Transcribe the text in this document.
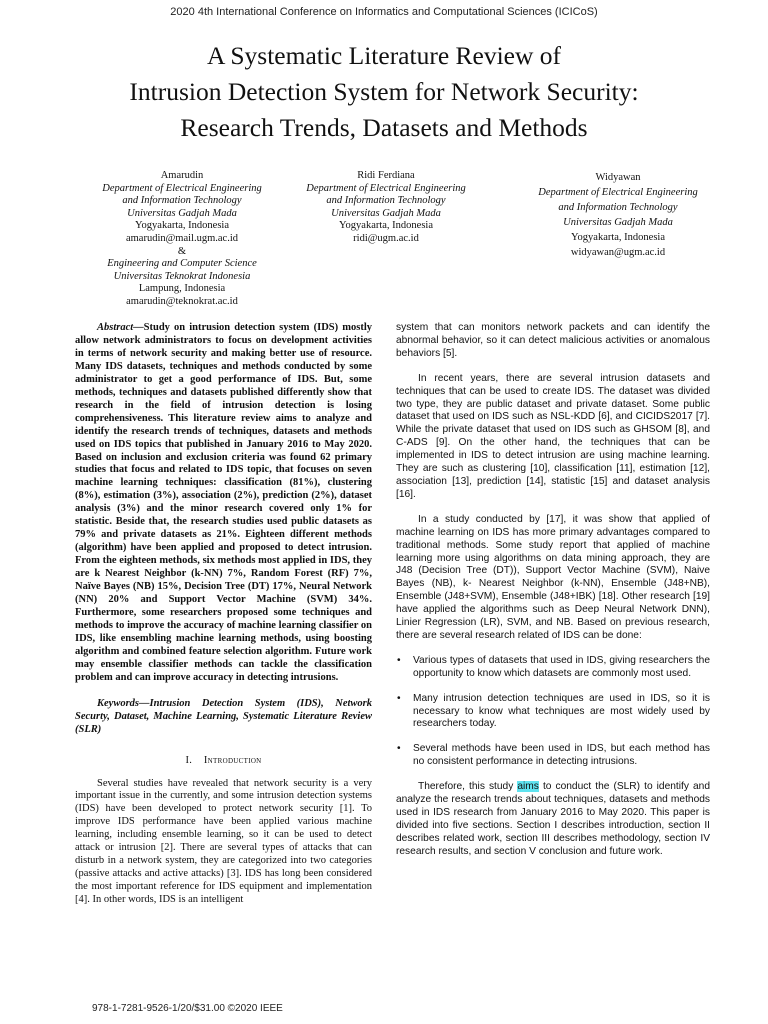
2020 4th International Conference on Informatics and Computational Sciences (ICICoS)
A Systematic Literature Review of
Intrusion Detection System for Network Security:
Research Trends, Datasets and Methods
Amarudin
Department of Electrical Engineering
and Information Technology
Universitas Gadjah Mada
Yogyakarta, Indonesia
amarudin@mail.ugm.ac.id
&
Engineering and Computer Science
Universitas Teknokrat Indonesia
Lampung, Indonesia
amarudin@teknokrat.ac.id
Ridi Ferdiana
Department of Electrical Engineering
and Information Technology
Universitas Gadjah Mada
Yogyakarta, Indonesia
ridi@ugm.ac.id
Widyawan
Department of Electrical Engineering
and Information Technology
Universitas Gadjah Mada
Yogyakarta, Indonesia
widyawan@ugm.ac.id

Abstract—Study on intrusion detection system (IDS) mostly allow network administrators to focus on development activities in terms of network security and making better use of resource. Many IDS datasets, techniques and methods conducted by some administrator to get a good performance of IDS. But, some methods, techniques and datasets published differently show that research in the field of intrusion detection is losing comprehensiveness. This literature review aims to analyze and identify the research trends of techniques, datasets and methods used on IDS topics that published in January 2016 to May 2020. Based on inclusion and exclusion criteria was found 62 primary studies that focus and related to IDS topic, that focuses on seven machine learning techniques: classification (81%), clustering (8%), estimation (3%), association (2%), prediction (2%), dataset analysis (3%) and the minor research covered only 1% for statistic. Beside that, the research studies used public datasets as 79% and private datasets as 21%. Eighteen different methods (algorithm) have been applied and proposed to detect intrusion. From the eighteen methods, six methods most applied in IDS, they are k Nearest Neighbor (k-NN) 7%, Random Forest (RF) 7%, Naïve Bayes (NB) 15%, Decision Tree (DT) 17%, Neural Network (NN) 20% and Support Vector Machine (SVM) 34%. Furthermore, some researchers proposed some techniques and methods to improve the accuracy of machine learning classifier on IDS, like ensembling machine learning methods, using boosting algorithm and combined feature selection algorithm. Future work may ensemble classifier methods can tackle the classification problem and can improve accuracy in detecting intrusions.

Keywords—Intrusion Detection System (IDS), Network Securty, Dataset, Machine Learning, Systematic Literature Review (SLR)

I. Introduction

Several studies have revealed that network security is a very important issue in the currently, and some intrusion detection systems (IDS) have been developed to protect network security [1]. To improve IDS performance have been applied various machine learning, including ensemble learning, so it can be used to detect attack or intrusion [2]. There are several types of attacks that can disturb in a network system, they are categorized into two categories (passive attacks and active attacks) [3]. IDS has long been considered the most important reference for IDS equipment and implementation [4]. In other words, IDS is an intelligent

system that can monitors network packets and can identify the abnormal behavior, so it can detect malicious activities or anomalous behaviors [5].

In recent years, there are several intrusion datasets and techniques that can be used to create IDS. The dataset was divided two type, they are public dataset and private dataset. Some public dataset that used on IDS such as NSL-KDD [6], and CICIDS2017 [7]. While the private dataset that used on IDS such as GHSOM [8], and C-ADS [9]. On the other hand, the techniques that can be implemented in IDS to detect intrusion are using machine learning. They are such as clustering [10], classification [11], estimation [12], association [13], prediction [14], statistic [15] and dataset analysis [16].

In a study conducted by [17], it was show that applied of machine learning on IDS has more primary advantages compared to traditional methods. Some study report that applied of machine learning more using algorithms on data mining approach, they are J48 (Decision Tree (DT)), Support Vector Machine (SVM), Naive Bayes (NB), k- Nearest Neighbor (k-NN), Ensemble (J48+NB), Ensemble (J48+SVM), Ensemble (J48+IBK) [18]. Other research [19] have applied the algorithms such as Deep Neural Network DNN), Linier Regression (LR), SVM, and NB. Based on previous research, there are several research related of IDS can be done:

• Various types of datasets that used in IDS, giving researchers the opportunity to know which datasets are commonly most used.
• Many intrusion detection techniques are used in IDS, so it is necessary to know what techniques are most widely used by researchers today.
• Several methods have been used in IDS, but each method has no consistent performance in detecting intrusions.

Therefore, this study aims to conduct the (SLR) to identify and analyze the research trends about techniques, datasets and methods used in IDS research from January 2016 to May 2020. This paper is divided into five sections. Section I describes introduction, section II describes related work, section III describes methodology, section IV research results, and section V conclusion and future work.

978-1-7281-9526-1/20/$31.00 ©2020 IEEE
